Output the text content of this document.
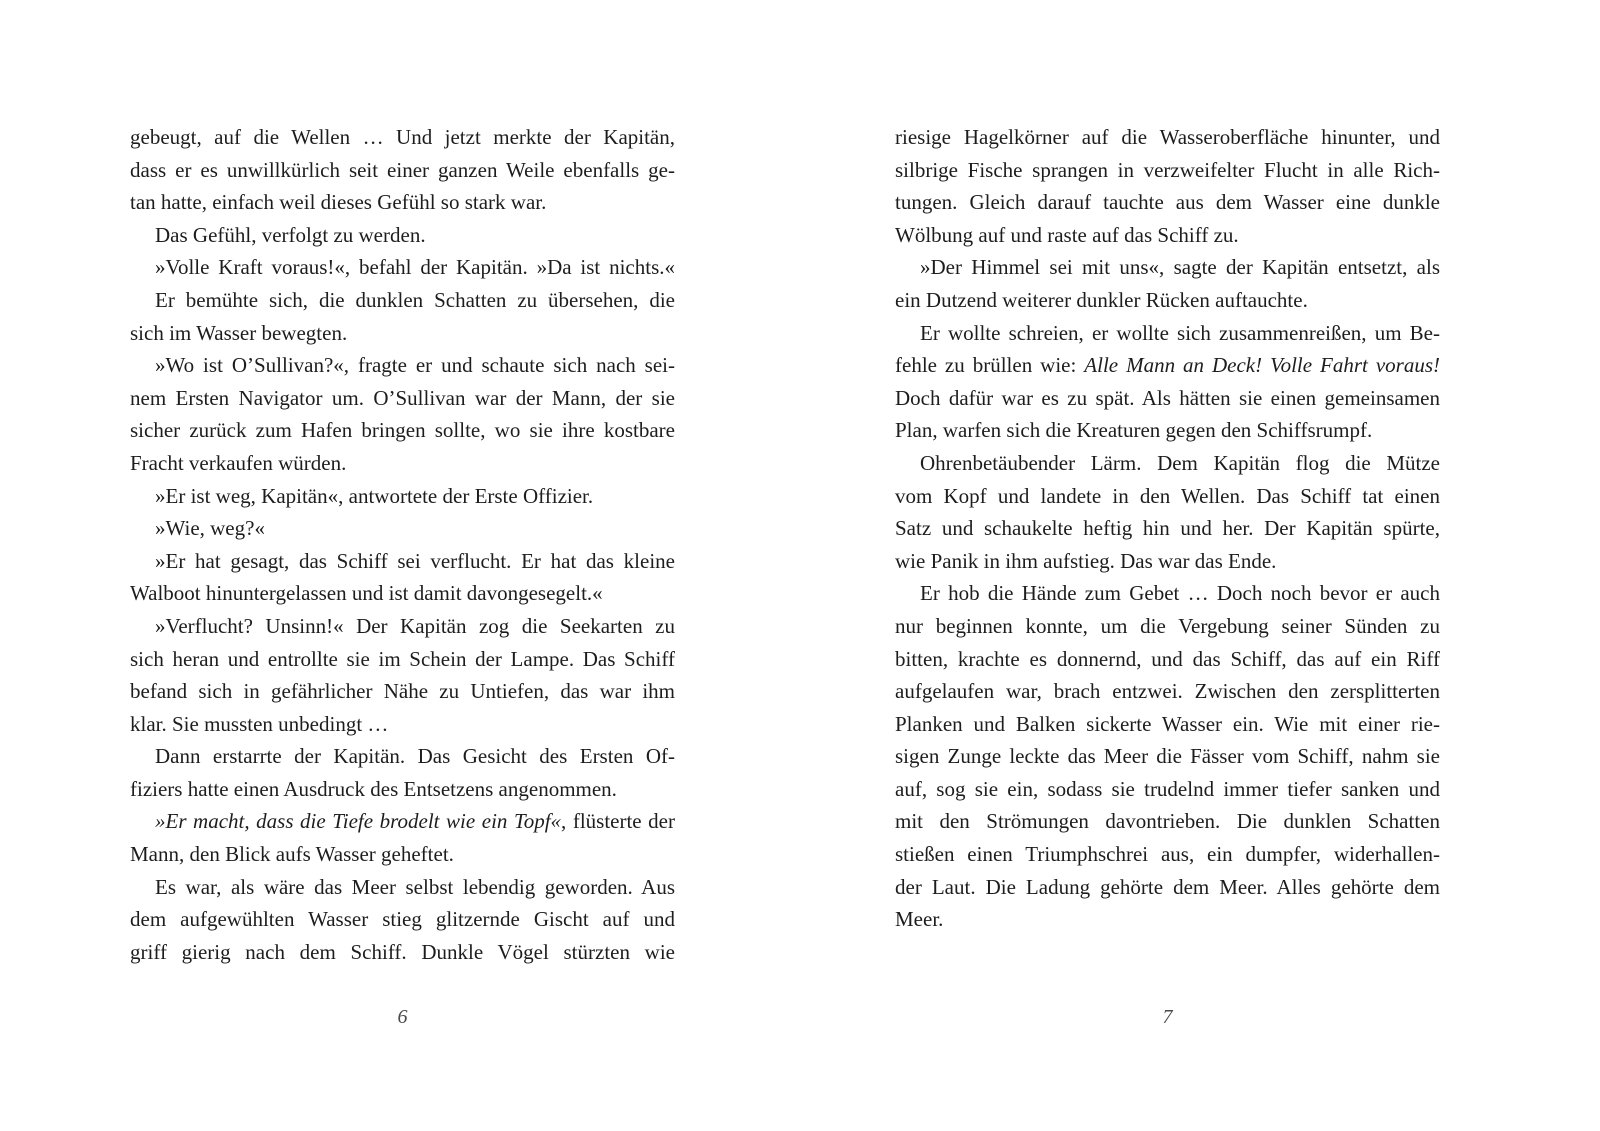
gebeugt, auf die Wellen … Und jetzt merkte der Kapitän,
dass er es unwillkürlich seit einer ganzen Weile ebenfalls ge-
tan hatte, einfach weil dieses Gefühl so stark war.
Das Gefühl, verfolgt zu werden.
»Volle Kraft voraus!«, befahl der Kapitän. »Da ist nichts.«
Er bemühte sich, die dunklen Schatten zu übersehen, die
sich im Wasser bewegten.
»Wo ist O’Sullivan?«, fragte er und schaute sich nach sei-
nem Ersten Navigator um. O’Sullivan war der Mann, der sie
sicher zurück zum Hafen bringen sollte, wo sie ihre kostbare
Fracht verkaufen würden.
»Er ist weg, Kapitän«, antwortete der Erste Offizier.
»Wie, weg?«
»Er hat gesagt, das Schiff sei verflucht. Er hat das kleine
Walboot hinuntergelassen und ist damit davongesegelt.«
»Verflucht? Unsinn!« Der Kapitän zog die Seekarten zu
sich heran und entrollte sie im Schein der Lampe. Das Schiff
befand sich in gefährlicher Nähe zu Untiefen, das war ihm
klar. Sie mussten unbedingt …
Dann erstarrte der Kapitän. Das Gesicht des Ersten Of-
fiziers hatte einen Ausdruck des Entsetzens angenommen.
»Er macht, dass die Tiefe brodelt wie ein Topf«, flüsterte der
Mann, den Blick aufs Wasser geheftet.
Es war, als wäre das Meer selbst lebendig geworden. Aus
dem aufgewühlten Wasser stieg glitzernde Gischt auf und
griff gierig nach dem Schiff. Dunkle Vögel stürzten wie
riesige Hagelkörner auf die Wasseroberfläche hinunter, und
silbrige Fische sprangen in verzweifelter Flucht in alle Rich-
tungen. Gleich darauf tauchte aus dem Wasser eine dunkle
Wölbung auf und raste auf das Schiff zu.
»Der Himmel sei mit uns«, sagte der Kapitän entsetzt, als
ein Dutzend weiterer dunkler Rücken auftauchte.
Er wollte schreien, er wollte sich zusammenreißen, um Be-
fehle zu brüllen wie: Alle Mann an Deck! Volle Fahrt voraus!
Doch dafür war es zu spät. Als hätten sie einen gemeinsamen
Plan, warfen sich die Kreaturen gegen den Schiffsrumpf.
Ohrenbetäubender Lärm. Dem Kapitän flog die Mütze
vom Kopf und landete in den Wellen. Das Schiff tat einen
Satz und schaukelte heftig hin und her. Der Kapitän spürte,
wie Panik in ihm aufstieg. Das war das Ende.
Er hob die Hände zum Gebet … Doch noch bevor er auch
nur beginnen konnte, um die Vergebung seiner Sünden zu
bitten, krachte es donnernd, und das Schiff, das auf ein Riff
aufgelaufen war, brach entzwei. Zwischen den zersplitterten
Planken und Balken sickerte Wasser ein. Wie mit einer rie-
sigen Zunge leckte das Meer die Fässer vom Schiff, nahm sie
auf, sog sie ein, sodass sie trudelnd immer tiefer sanken und
mit den Strömungen davontrieben. Die dunklen Schatten
stießen einen Triumphschrei aus, ein dumpfer, widerhallen-
der Laut. Die Ladung gehörte dem Meer. Alles gehörte dem
Meer.
6	7
